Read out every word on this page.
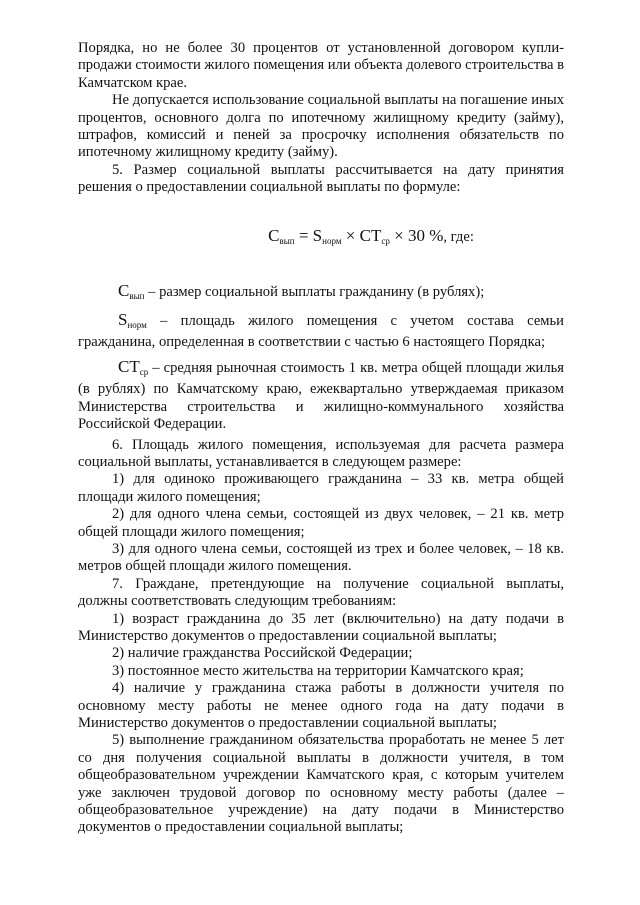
Порядка, но не более 30 процентов от установленной договором купли-продажи стоимости жилого помещения или объекта долевого строительства в Камчатском крае.

Не допускается использование социальной выплаты на погашение иных процентов, основного долга по ипотечному жилищному кредиту (займу), штрафов, комиссий и пеней за просрочку исполнения обязательств по ипотечному жилищному кредиту (займу).

5. Размер социальной выплаты рассчитывается на дату принятия решения о предоставлении социальной выплаты по формуле:

$С_{вып} = S_{норм} \times СТ_{ср} \times 30$ %, где:

$С_{вып}$ – размер социальной выплаты гражданину (в рублях);

$S_{норм}$ – площадь жилого помещения с учетом состава семьи гражданина, определенная в соответствии с частью 6 настоящего Порядка;

$СТ_{ср}$ – средняя рыночная стоимость 1 кв. метра общей площади жилья (в рублях) по Камчатскому краю, ежеквартально утверждаемая приказом Министерства строительства и жилищно-коммунального хозяйства Российской Федерации.

6. Площадь жилого помещения, используемая для расчета размера социальной выплаты, устанавливается в следующем размере:

1) для одиноко проживающего гражданина – 33 кв. метра общей площади жилого помещения;

2) для одного члена семьи, состоящей из двух человек, – 21 кв. метр общей площади жилого помещения;

3) для одного члена семьи, состоящей из трех и более человек, – 18 кв. метров общей площади жилого помещения.

7. Граждане, претендующие на получение социальной выплаты, должны соответствовать следующим требованиям:

1) возраст гражданина до 35 лет (включительно) на дату подачи в Министерство документов о предоставлении социальной выплаты;

2) наличие гражданства Российской Федерации;

3) постоянное место жительства на территории Камчатского края;

4) наличие у гражданина стажа работы в должности учителя по основному месту работы не менее одного года на дату подачи в Министерство документов о предоставлении социальной выплаты;

5) выполнение гражданином обязательства проработать не менее 5 лет со дня получения социальной выплаты в должности учителя, в том общеобразовательном учреждении Камчатского края, с которым учителем уже заключен трудовой договор по основному месту работы (далее – общеобразовательное учреждение) на дату подачи в Министерство документов о предоставлении социальной выплаты;
